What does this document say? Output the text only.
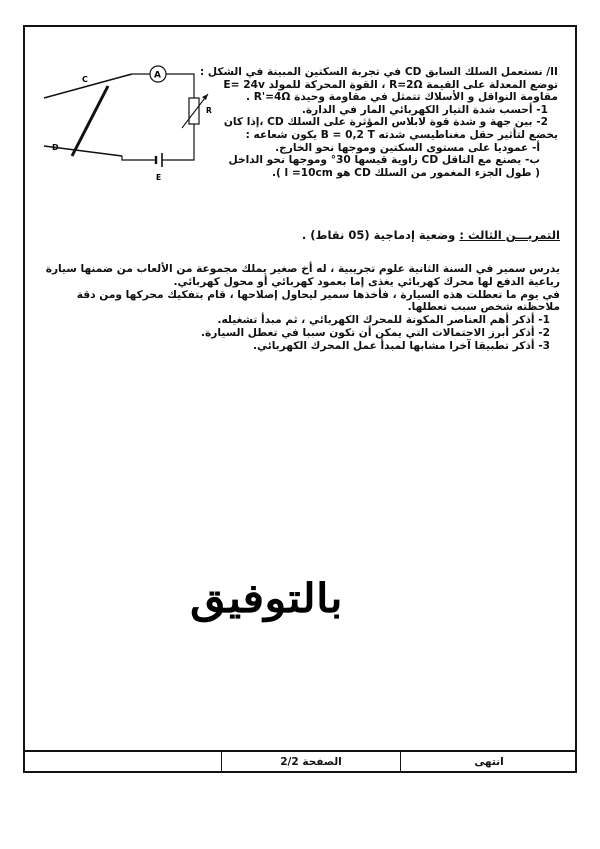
C
D
A
R
E

II/ نستعمل السلك السابق CD في تجربة السكتين المبينة في الشكل :

توضع المعدلة على القيمة R=2Ω ، القوة المحركة للمولد E= 24v

مقاومة النواقل و الأسلاك تتمثل في مقاومة وحيدة R'=4Ω .

1- أحسب شدة التيار الكهربائي المار في الدارة.

2- بين جهة و شدة قوة لابلاس المؤثرة على السلك CD ،إذا كان

يخضع لتأثير حقل مغناطيسي شدته B = 0,2 T يكون شعاعه :

أ- عموديا على مستوى السكتين وموجها نحو الخارج.

ب- يصنع مع الناقل CD زاوية قيسها 30° وموجها نحو الداخل

( طول الجزء المغمور من السلك CD هو l =10cm ).

التمريـــن الثالث : وضعية إدماجية (05 نقاط) .

يدرس سمير في السنة الثانية علوم تجريبية ، له أخ صغير يملك مجموعة من الألعاب من ضمنها سيارة رباعية الدفع لها محرك كهربائي يغذى إما بعمود كهربائي أو محول كهربائي.

في يوم ما تعطلت هذه السيارة ، فأخذها سمير ليحاول إصلاحها ، قام بتفكيك محركها ومن دقة ملاحظته شخص سبب تعطلها.

1- أذكر أهم العناصر المكونة للمحرك الكهربائي ، ثم مبدأ تشغيله.

2- أذكر أبرز الاحتمالات التي يمكن أن تكون سببا في تعطل السيارة.

3- أذكر تطبيقا آخرا مشابها لمبدأ عمل المحرك الكهربائي.

بالتوفيق
انتهى
الصفحة 2/2
